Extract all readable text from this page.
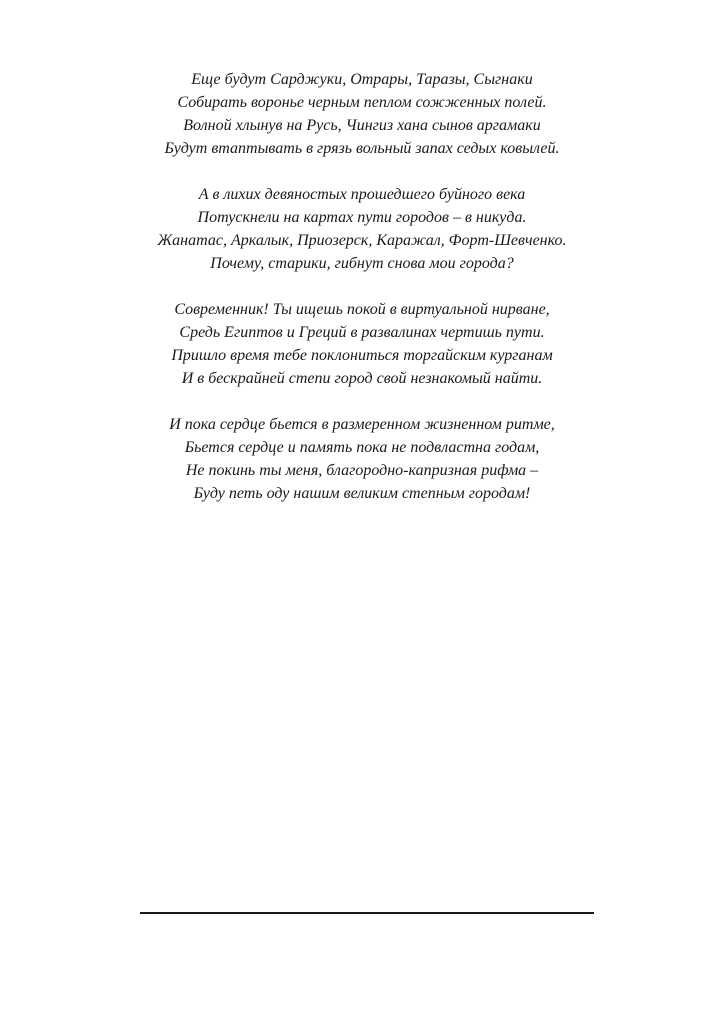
Еще будут Сарджуки, Отрары, Таразы, Сыгнаки
Собирать воронье черным пеплом сожженных полей.
Волной хлынув на Русь, Чингиз хана сынов аргамаки
Будут втаптывать в грязь вольный запах седых ковылей.
А в лихих девяностых прошедшего буйного века
Потускнели на картах пути городов – в никуда.
Жанатас, Аркалык, Приозерск, Каражал, Форт-Шевченко.
Почему, старики, гибнут снова мои города?
Современник! Ты ищешь покой в виртуальной нирване,
Средь Египтов и Греций в развалинах чертишь пути.
Пришло время тебе поклониться торгайским курганам
И в бескрайней степи город свой незнакомый найти.
И пока сердце бьется в размеренном жизненном ритме,
Бьется сердце и память пока не подвластна годам,
Не покинь ты меня, благородно-капризная рифма –
Буду петь оду нашим великим степным городам!
